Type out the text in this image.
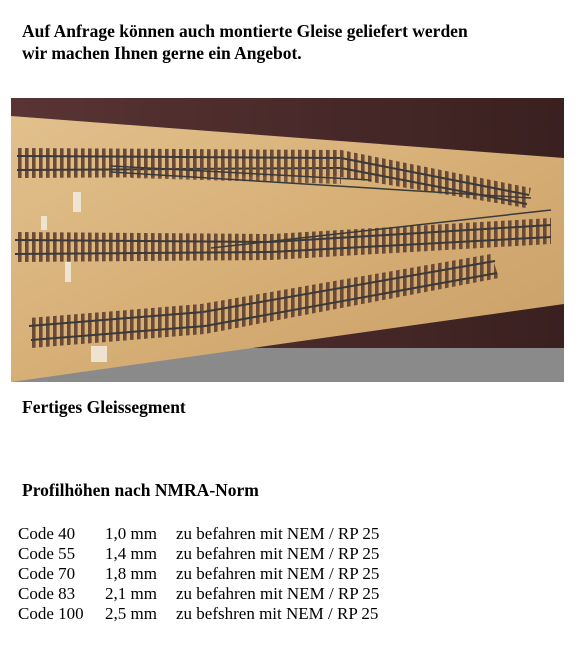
Auf Anfrage können auch montierte Gleise geliefert werden
wir machen Ihnen gerne ein Angebot.

Fertiges Gleissegment

Profilhöhen nach NMRA-Norm

Code 40	1,0 mm	zu befahren mit NEM / RP 25
Code 55	1,4 mm	zu befahren mit NEM / RP 25
Code 70	1,8 mm	zu befahren mit NEM / RP 25
Code 83	2,1 mm	zu befahren mit NEM / RP 25
Code 100	2,5 mm	zu befshren mit NEM / RP 25
